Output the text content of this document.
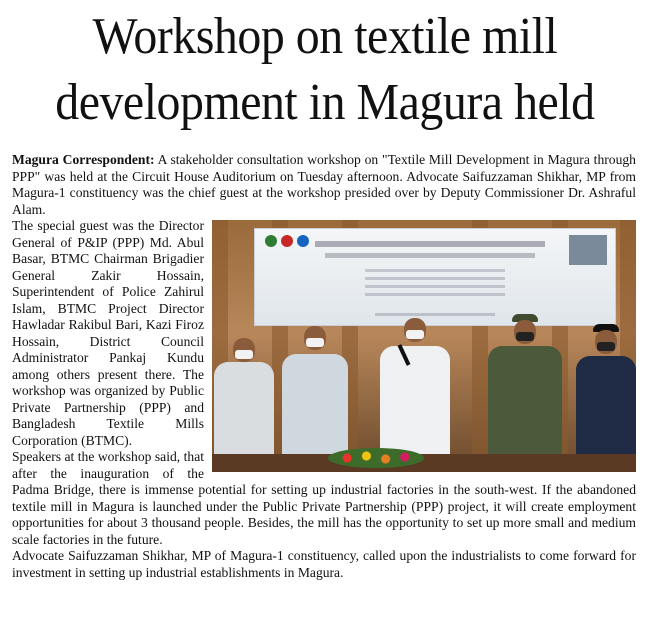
Workshop on textile mill
development in Magura held

Magura Correspondent: A stakeholder consultation workshop on "Textile Mill Development in Magura through PPP" was held at the Circuit House Auditorium on Tuesday afternoon. Advocate Saifuzzaman Shikhar, MP from Magura-1 constituency was the chief guest at the workshop presided over by Deputy Commissioner Dr. Ashraful Alam.

The special guest was the Director General of P&IP (PPP) Md. Abul Basar, BTMC Chairman Brigadier General Zakir Hossain, Superintendent of Police Zahirul Islam, BTMC Project Director Hawladar Rakibul Bari, Kazi Firoz Hossain, District Council Administrator Pankaj Kundu among others present there. The workshop was organized by Public Private Partnership (PPP) and Bangladesh Textile Mills Corporation (BTMC).

Speakers at the workshop said, that after the inauguration of the Padma Bridge, there is immense potential for setting up industrial factories in the south-west. If the abandoned textile mill in Magura is launched under the Public Private Partnership (PPP) project, it will create employment opportunities for about 3 thousand people. Besides, the mill has the opportunity to set up more small and medium scale factories in the future.

Advocate Saifuzzaman Shikhar, MP of Magura-1 constituency, called upon the industrialists to come forward for investment in setting up industrial establishments in Magura.
